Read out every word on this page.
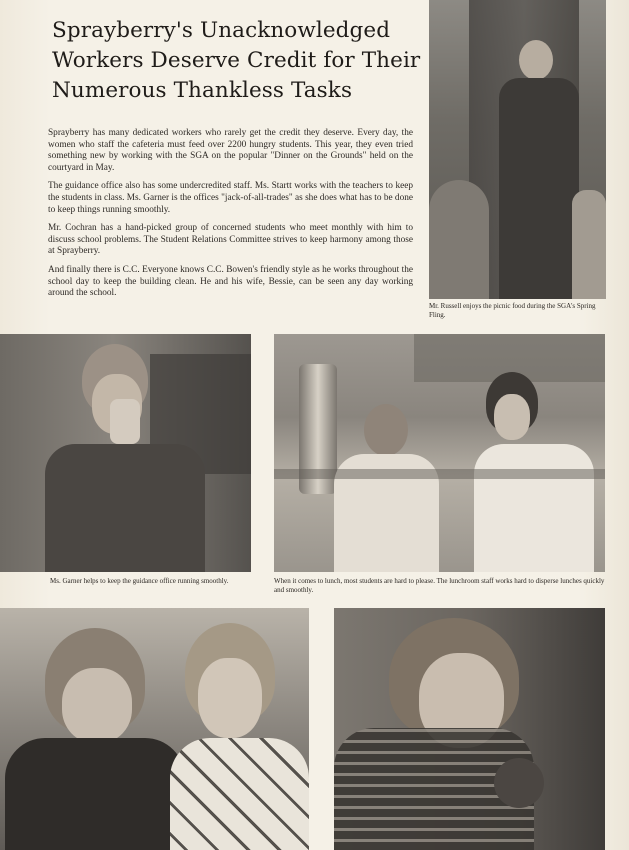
Sprayberry's Unacknowledged
Workers Deserve Credit for Their
Numerous Thankless Tasks

Sprayberry has many dedicated workers who rarely get the credit they deserve. Every day, the women who staff the cafeteria must feed over 2200 hungry students. This year, they even tried something new by working with the SGA on the popular "Dinner on the Grounds" held on the courtyard in May.

The guidance office also has some undercredited staff. Ms. Startt works with the teachers to keep the students in class. Ms. Garner is the offices "jack-of-all-trades" as she does what has to be done to keep things running smoothly.

Mr. Cochran has a hand-picked group of concerned students who meet monthly with him to discuss school problems. The Student Relations Committee strives to keep harmony among those at Sprayberry.

And finally there is C.C. Everyone knows C.C. Bowen's friendly style as he works throughout the school day to keep the building clean. He and his wife, Bessie, can be seen any day working around the school.

Mr. Russell enjoys the picnic food during the SGA's Spring Fling.
Ms. Garner helps to keep the guidance office running smoothly.	When it comes to lunch, most students are hard to please. The lunchroom staff works hard to disperse lunches quickly and smoothly.
